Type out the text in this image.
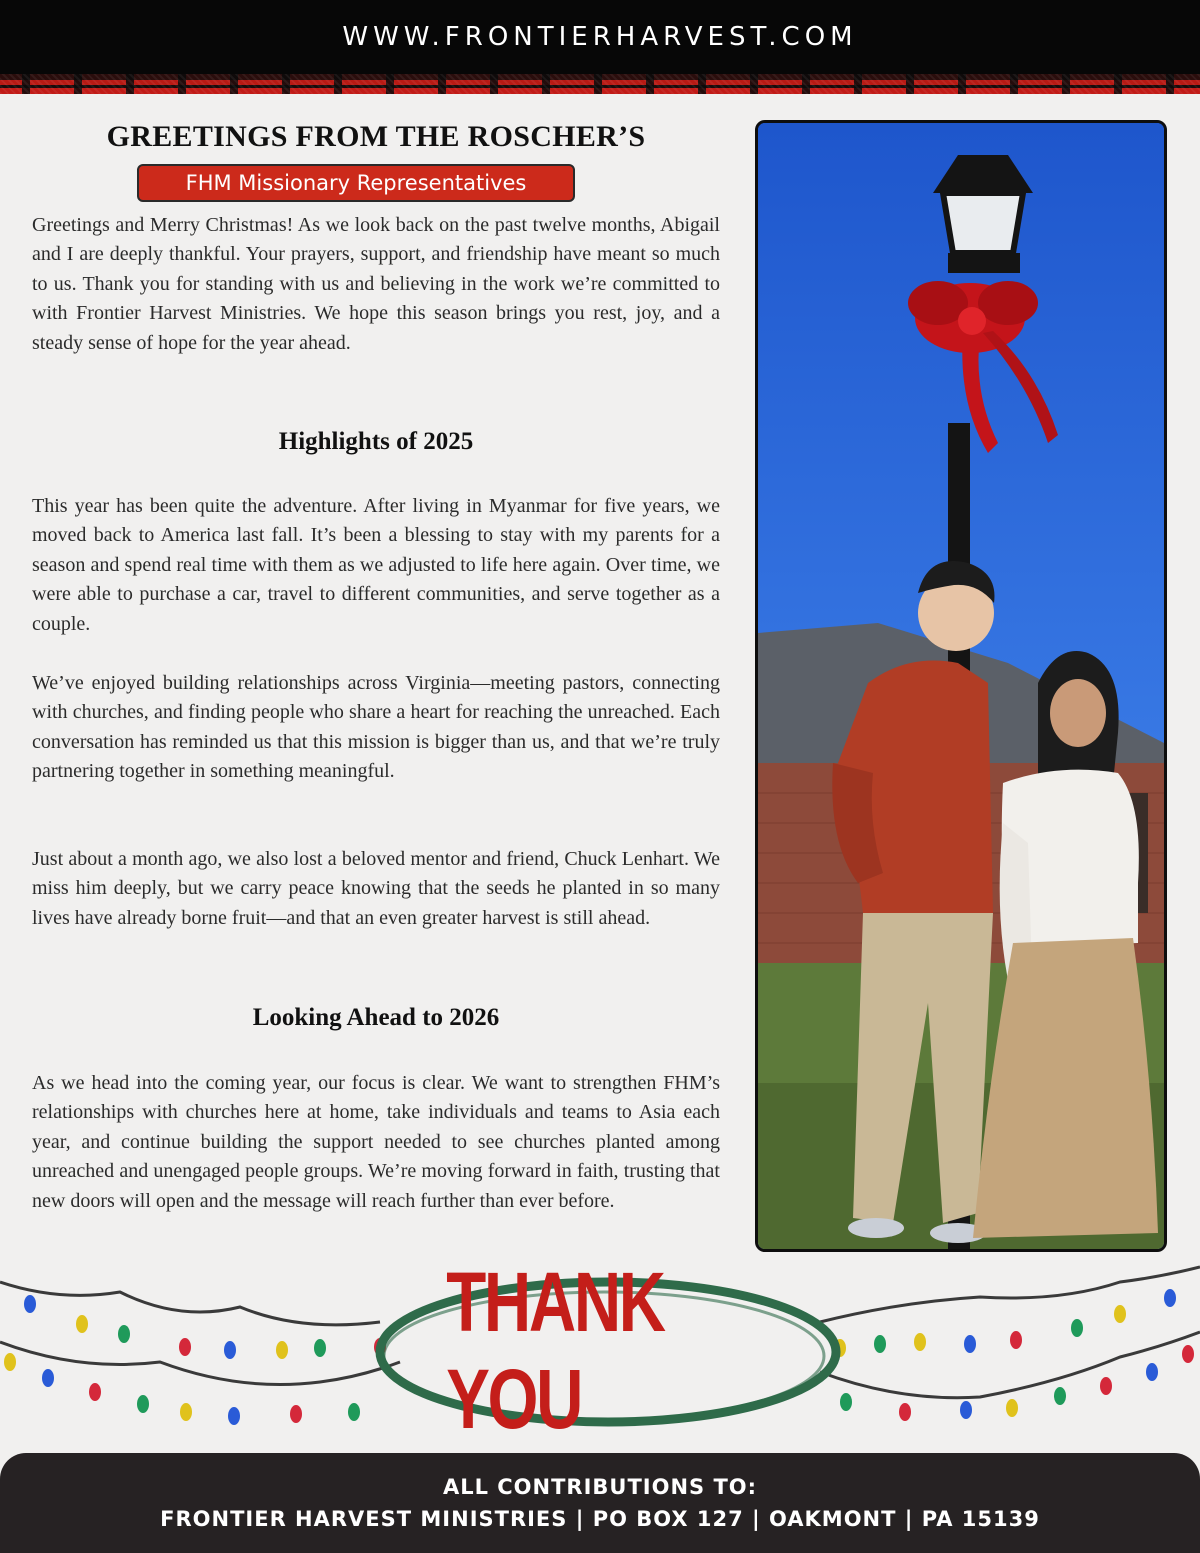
WWW.FRONTIERHARVEST.COM
GREETINGS FROM THE ROSCHER’S
FHM Missionary Representatives

Greetings and Merry Christmas! As we look back on the past twelve months, Abigail and I are deeply thankful. Your prayers, support, and friendship have meant so much to us. Thank you for standing with us and believing in the work we’re committed to with Frontier Harvest Ministries. We hope this season brings you rest, joy, and a steady sense of hope for the year ahead.

Highlights of 2025

This year has been quite the adventure. After living in Myanmar for five years, we moved back to America last fall. It’s been a blessing to stay with my parents for a season and spend real time with them as we adjusted to life here again. Over time, we were able to purchase a car, travel to different communities, and serve together as a couple.

We’ve enjoyed building relationships across Virginia—meeting pastors, connecting with churches, and finding people who share a heart for reaching the unreached. Each conversation has reminded us that this mission is bigger than us, and that we’re truly partnering together in something meaningful.

Just about a month ago, we also lost a beloved mentor and friend, Chuck Lenhart. We miss him deeply, but we carry peace knowing that the seeds he planted in so many lives have already borne fruit—and that an even greater harvest is still ahead.

Looking Ahead to 2026

As we head into the coming year, our focus is clear. We want to strengthen FHM’s relationships with churches here at home, take individuals and teams to Asia each year, and continue building the support needed to see churches planted among unreached and unengaged people groups. We’re moving forward in faith, trusting that new doors will open and the message will reach further than ever before.

THANK YOU
ALL CONTRIBUTIONS TO:
FRONTIER HARVEST MINISTRIES | PO BOX 127 | OAKMONT | PA 15139
